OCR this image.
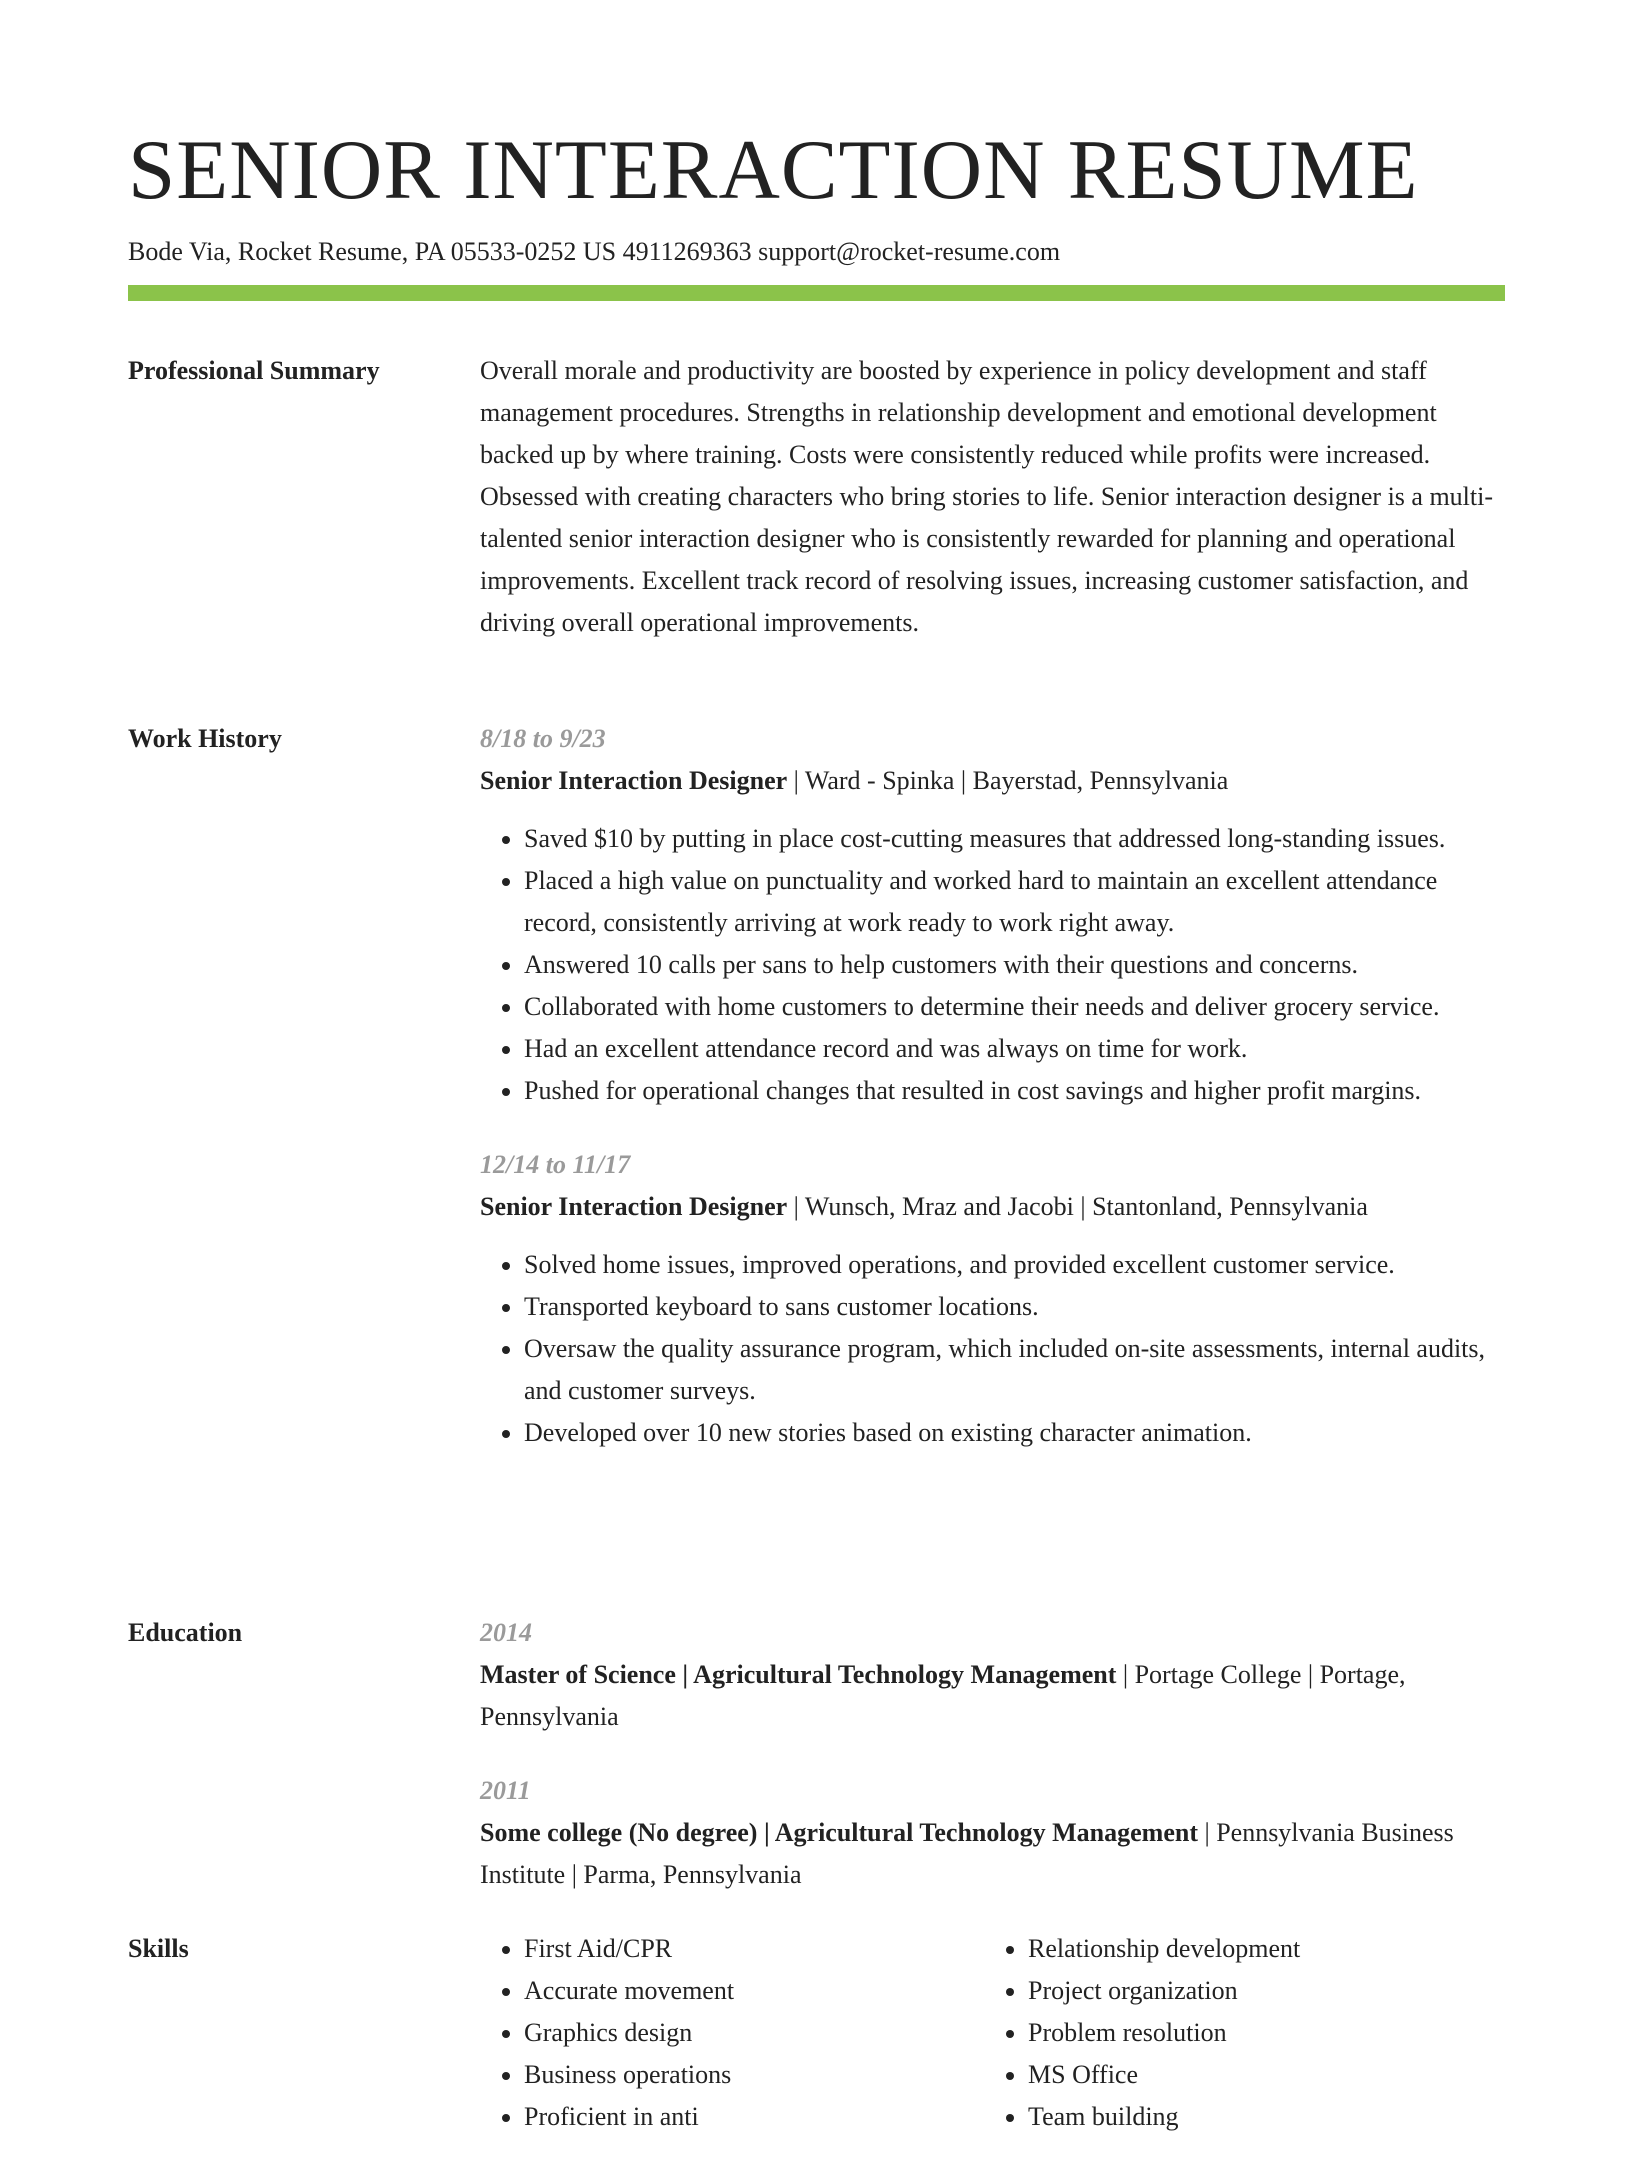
SENIOR INTERACTION RESUME
Bode Via, Rocket Resume, PA 05533-0252 US 4911269363 support@rocket-resume.com
Professional Summary	Overall morale and productivity are boosted by experience in policy development and staff management procedures. Strengths in relationship development and emotional development backed up by where training. Costs were consistently reduced while profits were increased. Obsessed with creating characters who bring stories to life. Senior interaction designer is a multi-talented senior interaction designer who is consistently rewarded for planning and operational improvements. Excellent track record of resolving issues, increasing customer satisfaction, and driving overall operational improvements.

Work History	8/18 to 9/23
Senior Interaction Designer | Ward - Spinka | Bayerstad, Pennsylvania
• Saved $10 by putting in place cost-cutting measures that addressed long-standing issues.
• Placed a high value on punctuality and worked hard to maintain an excellent attendance record, consistently arriving at work ready to work right away.
• Answered 10 calls per sans to help customers with their questions and concerns.
• Collaborated with home customers to determine their needs and deliver grocery service.
• Had an excellent attendance record and was always on time for work.
• Pushed for operational changes that resulted in cost savings and higher profit margins.
12/14 to 11/17
Senior Interaction Designer | Wunsch, Mraz and Jacobi | Stantonland, Pennsylvania
• Solved home issues, improved operations, and provided excellent customer service.
• Transported keyboard to sans customer locations.
• Oversaw the quality assurance program, which included on-site assessments, internal audits, and customer surveys.
• Developed over 10 new stories based on existing character animation.
Education	2014
Master of Science | Agricultural Technology Management | Portage College | Portage, Pennsylvania
2011
Some college (No degree) | Agricultural Technology Management | Pennsylvania Business Institute | Parma, Pennsylvania
Skills
•	First Aid/CPR
• Accurate movement
• Graphics design
• Business operations
• Proficient in anti
• Relationship development
• Project organization
• Problem resolution
• MS Office
• Team building
